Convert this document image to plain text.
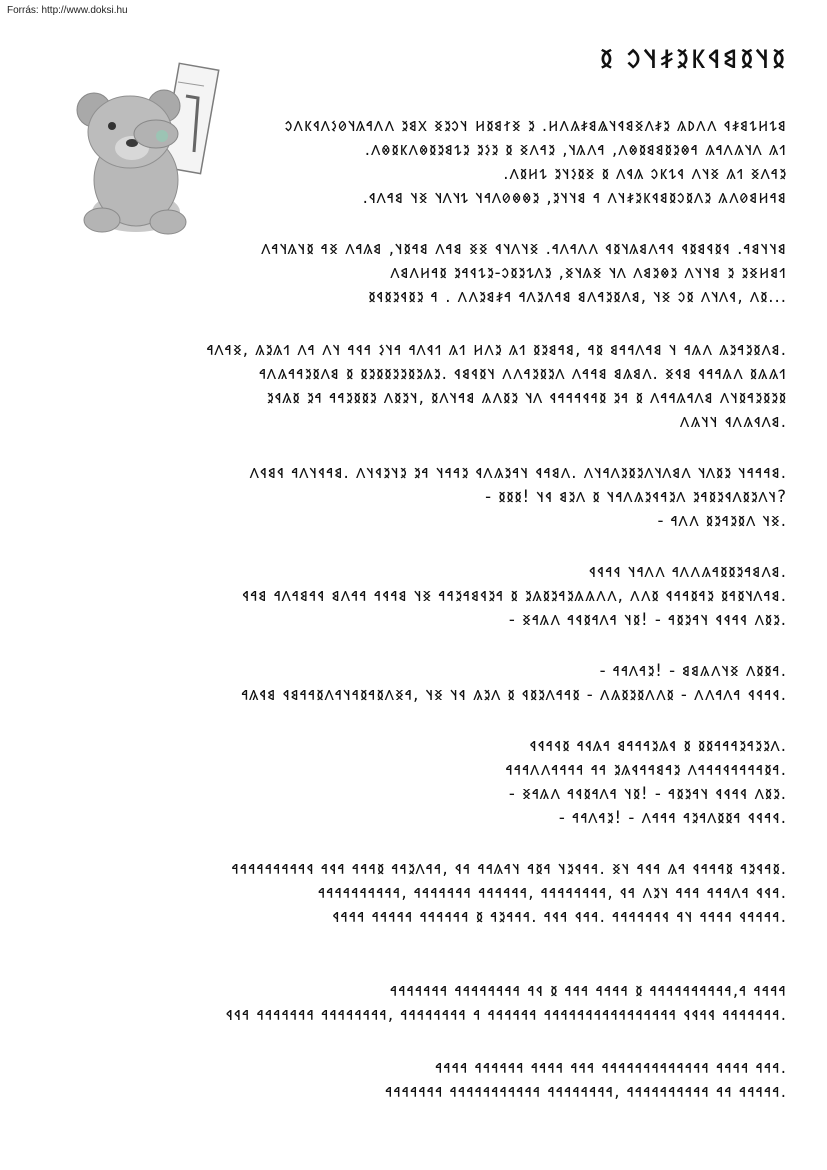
Forrás: http://www.doksi.hu
𐳊𐳦𐳊𐳘𐳁𐳞𐳉𐳎𐳦𐳛 𐳊
𐳘𐳔𐳢𐳔𐳘𐳎𐳁 𐳤𐳤𐳚𐳍 𐳉𐳎𐳤𐳏𐳘𐳁𐳦𐳖𐳘𐳎𐳍𐳤𐳢. 𐳉 𐳏𐳐𐳘𐳊𐳢 𐳦𐳛𐳉𐳏 𐳂𐳘𐳉 𐳤𐳤𐳀𐳍𐳦𐳗𐳋𐳤𐳁𐳞𐳤𐳛
𐳒𐳍 𐳤𐳦𐳍𐳤𐳀𐳍 𐳀𐳌𐳉𐳊𐳘𐳘𐳊𐳌𐳤, 𐳀𐳤𐳍𐳦, 𐳉𐳀𐳤𐳏 𐳊 𐳉𐳋𐳉 𐳉𐳔𐳘𐳉𐳊𐳌𐳤𐳞𐳊𐳌𐳤.
𐳉𐳀𐳤𐳏 𐳒𐳍 𐳏𐳦𐳤 𐳁𐳔𐳞𐳛 𐳍𐳁𐳤 𐳊 𐳏𐳊𐳋𐳦𐳉 𐳔𐳢𐳊𐳤.
𐳘𐳀𐳢𐳘𐳗𐳤𐳍 𐳉𐳤𐳊𐳛𐳊𐳘𐳁𐳞𐳉𐳎𐳦𐳤 𐳀 𐳘𐳦𐳦𐳉, 𐳉𐳌𐳌𐳗𐳤𐳀𐳦 𐳔𐳦𐳤𐳦 𐳏𐳦 𐳘𐳀𐳤𐳁.
𐳘𐳦𐳦𐳘𐳀. 𐳁𐳊𐳁𐳘𐳊𐳁 𐳁𐳀𐳤𐳘𐳍𐳦𐳊𐳁 𐳤𐳤𐳀𐳤𐳀. 𐳏𐳦𐳤𐳦𐳁 𐳏𐳏 𐳘𐳀𐳤 𐳘𐳀𐳊𐳦, 𐳘𐳍𐳀𐳤 𐳏𐳀 𐳊𐳦𐳍𐳦𐳀𐳤
𐳒𐳘𐳢𐳏𐳉 𐳉 𐳘𐳦𐳦𐳤 𐳉𐳌𐳉𐳘𐳤 𐳤𐳦 𐳏𐳍𐳦𐳏, 𐳉𐳤𐳔𐳉𐳊𐳛-𐳉𐳔𐳁𐳀𐳉 𐳊𐳀𐳢𐳤𐳘𐳤
...𐳊𐳤 ,𐳁𐳤𐳦𐳤 𐳊𐳛 𐳏𐳦 ,𐳘𐳤𐳊𐳉𐳀𐳤𐳘 𐳘𐳀𐳤𐳉𐳤𐳀 𐳀𐳎𐳘𐳉𐳤𐳤 . 𐳀 𐳉𐳊𐳁𐳉𐳊𐳁𐳊
.𐳘𐳤𐳊𐳉𐳀𐳉𐳍 𐳤𐳍𐳀 𐳦 𐳘𐳀𐳤𐳀𐳀𐳘 𐳊𐳀 ,𐳘𐳀𐳘𐳉𐳊 𐳒𐳍 𐳉𐳤𐳢 𐳒𐳍 𐳒𐳁𐳤𐳀 𐳀𐳦𐳋 𐳀𐳁𐳀 𐳦𐳤 𐳀𐳤 𐳒𐳍𐳉𐳍 ,𐳏𐳀𐳤𐳀
𐳒𐳍𐳍𐳊 𐳤𐳍𐳀𐳀𐳁 𐳘𐳁𐳏 .𐳤𐳘𐳍𐳘 𐳘𐳀𐳀𐳤 𐳤𐳉𐳊𐳉𐳀𐳤𐳤 𐳦𐳊𐳁𐳘𐳁 .𐳉𐳍𐳉𐳊𐳉𐳉𐳊𐳊𐳉𐳊 𐳊 𐳘𐳤𐳊𐳉𐳀𐳀𐳍𐳤𐳀
𐳊𐳉𐳊𐳉𐳀𐳊𐳦𐳤 𐳘𐳤𐳀𐳍𐳀𐳀𐳤 𐳊 𐳀𐳉 𐳊𐳀𐳁𐳀𐳀𐳀𐳁 𐳤𐳦 𐳉𐳊𐳤𐳍 𐳘𐳀𐳦𐳤𐳊 ,𐳦𐳉𐳊𐳤 𐳉𐳊𐳊𐳉𐳀𐳀 𐳀𐳉 𐳊𐳍𐳁𐳉
.𐳘𐳤𐳁𐳍𐳤𐳁 𐳦𐳦𐳍𐳤
.𐳘𐳀𐳀𐳀𐳦 𐳉𐳊𐳤𐳦 𐳤𐳘𐳤𐳦𐳤𐳉𐳊𐳉𐳤𐳀𐳦𐳤 .𐳤𐳘𐳀𐳁 𐳦𐳀𐳉𐳍𐳤𐳁 𐳉𐳀𐳀𐳦 𐳀𐳉 𐳉𐳦𐳉𐳁𐳦𐳤 .𐳘𐳀𐳁𐳦𐳤𐳀 𐳁𐳘𐳁𐳤
?𐳦𐳤𐳉𐳊𐳤𐳁𐳉𐳊𐳀𐳉 𐳤𐳉𐳀𐳁𐳉𐳍𐳤𐳀𐳦 𐳊 𐳤𐳉𐳘 𐳁𐳦 !𐳊𐳊𐳊 -
.𐳏𐳦 𐳤𐳊𐳉𐳀𐳉𐳊 𐳤𐳤𐳀 -
.𐳘𐳤𐳘𐳀𐳉𐳊𐳊𐳀𐳍𐳤𐳤𐳀 𐳤𐳤𐳀𐳦 𐳁𐳀𐳁𐳁
.𐳘𐳀𐳤𐳦𐳊𐳀𐳊 𐳉𐳀𐳊𐳀𐳀𐳁 𐳊𐳤𐳤 ,𐳤𐳤𐳍𐳍𐳉𐳀𐳉𐳊𐳍𐳉 𐳊 𐳀𐳉𐳁𐳘𐳀𐳉𐳀𐳀 𐳏𐳦 𐳘𐳀𐳁𐳀 𐳀𐳀𐳤𐳘 𐳁𐳀𐳘𐳀𐳤𐳀 𐳘𐳀𐳁
.𐳉𐳊𐳤 𐳁𐳀𐳁𐳁 𐳦𐳀𐳉𐳊𐳀 - !𐳊𐳦 𐳀𐳤𐳀𐳊𐳁𐳀 𐳤𐳍𐳀𐳏 -
.𐳀𐳊𐳊𐳤 𐳏𐳦𐳤𐳍𐳘𐳘 - !𐳉𐳀𐳤𐳀𐳀 -
.𐳁𐳀𐳁𐳁 𐳀𐳤𐳀𐳤𐳤 - 𐳊𐳤𐳤𐳊𐳉𐳊𐳍𐳤 - 𐳊𐳀𐳀𐳤𐳉𐳊𐳁 𐳊 𐳤𐳉𐳍 𐳁𐳦 𐳏𐳦 ,𐳀𐳏𐳤𐳊𐳀𐳊𐳀𐳦𐳀𐳤𐳊𐳀𐳀𐳘𐳁 𐳘𐳁𐳍𐳀
.𐳤𐳉𐳉𐳀𐳉𐳀𐳀𐳀𐳊𐳊 𐳊 𐳁𐳍𐳉𐳀𐳀𐳀𐳘 𐳀𐳍𐳁𐳀 𐳊𐳁𐳀𐳁𐳁
.𐳀𐳊𐳀𐳀𐳀𐳀𐳁𐳀𐳀𐳀𐳤 𐳉𐳀𐳘𐳀𐳀𐳁𐳍𐳉 𐳀𐳀 𐳀𐳀𐳀𐳀𐳤𐳤𐳀𐳀𐳀
.𐳉𐳊𐳤 𐳁𐳀𐳁𐳁 𐳦𐳀𐳉𐳊𐳀 - !𐳊𐳦 𐳀𐳤𐳀𐳊𐳁𐳀 𐳤𐳍𐳀𐳏 -
.𐳁𐳀𐳁𐳁 𐳀𐳊𐳊𐳤𐳀𐳉𐳀 𐳀𐳀𐳀𐳤 - !𐳉𐳀𐳤𐳀𐳀 -
.𐳊𐳀𐳁𐳉𐳀 𐳊𐳀𐳀𐳀𐳁 𐳀𐳍 𐳀𐳁𐳀 𐳦𐳏 .𐳀𐳀𐳁𐳉𐳦 𐳀𐳊𐳀 𐳦𐳀𐳍𐳀𐳀 𐳀𐳁 ,𐳀𐳀𐳤𐳉𐳀𐳀 𐳊𐳀𐳀𐳀 𐳀𐳁𐳀 𐳁𐳀𐳀𐳀𐳀𐳀𐳀𐳀𐳀𐳀
.𐳀𐳁𐳁 𐳀𐳤𐳀𐳀𐳀 𐳀𐳀𐳀 𐳦𐳉𐳤 𐳀𐳁 ,𐳀𐳀𐳀𐳀𐳀𐳀𐳀𐳀 ,𐳀𐳀𐳀𐳀𐳀𐳀 𐳀𐳀𐳀𐳀𐳀𐳀𐳀 ,𐳀𐳀𐳀𐳀𐳀𐳀𐳀𐳀𐳀𐳀
.𐳀𐳀𐳀𐳀𐳁 𐳀𐳀𐳀𐳀 𐳦𐳀 𐳁𐳀𐳀𐳀𐳀𐳀𐳀 .𐳀𐳀𐳁 𐳀𐳁𐳀 .𐳀𐳀𐳀𐳉𐳀 𐳊 𐳀𐳀𐳀𐳀𐳀𐳀 𐳀𐳀𐳀𐳀𐳀 𐳀𐳀𐳀𐳁
𐳀𐳀𐳀𐳀 𐳀,𐳀𐳀𐳀𐳀𐳀𐳀𐳀𐳀𐳀𐳀 𐳊 𐳀𐳀𐳀𐳀 𐳀𐳀𐳀 𐳊 𐳁𐳀 𐳀𐳀𐳀𐳀𐳀𐳀𐳀𐳀 𐳀𐳀𐳀𐳀𐳀𐳀𐳀
.𐳀𐳀𐳀𐳀𐳀𐳀𐳀 𐳁𐳀𐳁𐳁 𐳀𐳀𐳀𐳀𐳀𐳀𐳀𐳀𐳀𐳀𐳀𐳀𐳀𐳀𐳀𐳀 𐳀𐳀𐳀𐳀𐳀𐳀 𐳀 𐳀𐳀𐳀𐳀𐳀𐳀𐳀𐳀 ,𐳀𐳀𐳀𐳀𐳀𐳀𐳀𐳀 𐳀𐳀𐳀𐳀𐳀𐳀𐳀 𐳀𐳁𐳁
.𐳀𐳀𐳀 𐳀𐳀𐳀𐳀 𐳀𐳀𐳀𐳀𐳀𐳀𐳀𐳀𐳀𐳀𐳀𐳀𐳀 𐳀𐳀𐳀 𐳀𐳀𐳀𐳀 𐳀𐳀𐳀𐳀𐳀𐳀 𐳀𐳀𐳀𐳀
.𐳀𐳀𐳀𐳀𐳀 𐳀𐳀 𐳀𐳀𐳀𐳀𐳀𐳀𐳀𐳀𐳀𐳀 ,𐳀𐳀𐳀𐳀𐳀𐳀𐳀𐳀 𐳀𐳀𐳀𐳀𐳀𐳀𐳀𐳀𐳀𐳀𐳀 𐳀𐳀𐳀𐳀𐳀𐳀𐳀
